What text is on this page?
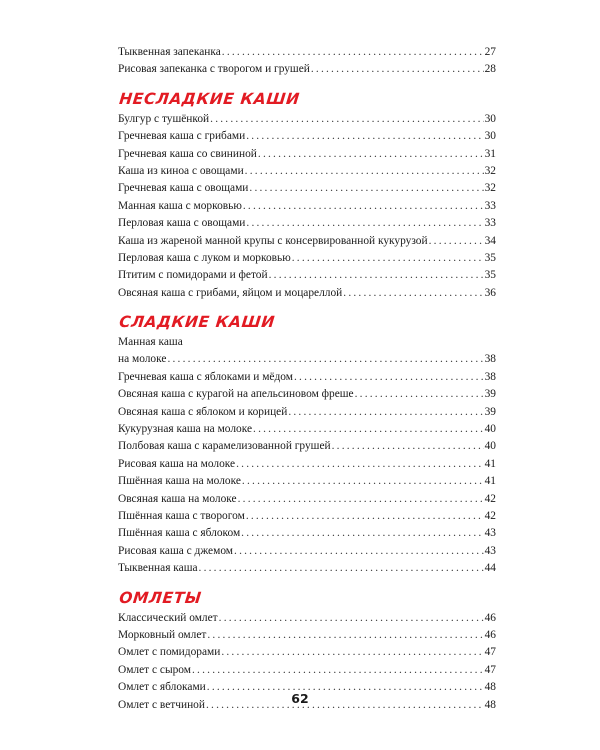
Тыквенная запеканка .....	27
Рисовая запеканка с творогом и грушей .....	28
НЕСЛАДКИЕ КАШИ
Булгур с тушёнкой .....	30
Гречневая каша с грибами .....	30
Гречневая каша со свининой .....	31
Каша из киноа с овощами .....	32
Гречневая каша с овощами .....	32
Манная каша с морковью .....	33
Перловая каша с овощами .....	33
Каша из жареной манной крупы с консервированной кукурузой .....	34
Перловая каша с луком и морковью .....	35
Птитим с помидорами и фетой .....	35
Овсяная каша с грибами, яйцом и моцареллой .....	36
СЛАДКИЕ КАШИ
Манная каша
на молоке .....	38
Гречневая каша с яблоками и мёдом .....	38
Овсяная каша с курагой на апельсиновом фреше .....	39
Овсяная каша с яблоком и корицей .....	39
Кукурузная каша на молоке .....	40
Полбовая каша с карамелизованной грушей .....	40
Рисовая каша на молоке .....	41
Пшённая каша на молоке .....	41
Овсяная каша на молоке .....	42
Пшённая каша с творогом .....	42
Пшённая каша с яблоком .....	43
Рисовая каша с джемом .....	43
Тыквенная каша .....	44
ОМЛЕТЫ
Классический омлет .....	46
Морковный омлет .....	46
Омлет с помидорами .....	47
Омлет с сыром .....	47
Омлет с яблоками .....	48
Омлет с ветчиной .....	48
62
